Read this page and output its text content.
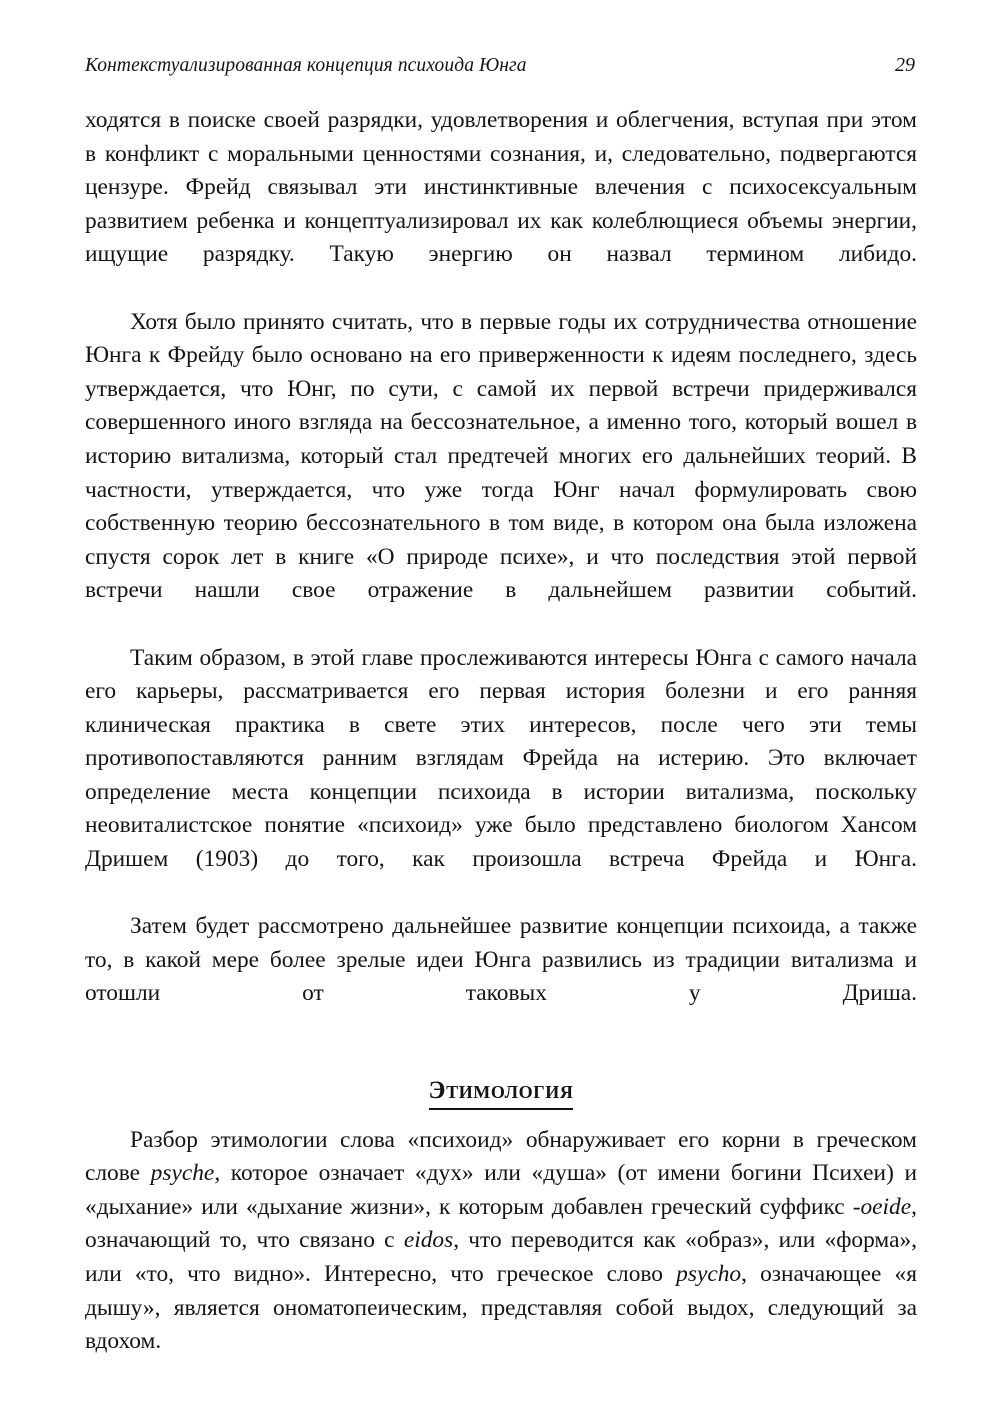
Контекстуализированная концепция психоида Юнга	29

ходятся в поиске своей разрядки, удовлетворения и облегчения, вступая при этом в конфликт с моральными ценностями сознания, и, следовательно, подвергаются цензуре. Фрейд связывал эти инстинктивные влечения с психосексуальным развитием ребенка и концептуализировал их как колеблющиеся объемы энергии, ищущие разрядку. Такую энергию он назвал термином либидо.

Хотя было принято считать, что в первые годы их сотрудничества отношение Юнга к Фрейду было основано на его приверженности к идеям последнего, здесь утверждается, что Юнг, по сути, с самой их первой встречи придерживался совершенного иного взгляда на бессознательное, а именно того, который вошел в историю витализма, который стал предтечей многих его дальнейших теорий. В частности, утверждается, что уже тогда Юнг начал формулировать свою собственную теорию бессознательного в том виде, в котором она была изложена спустя сорок лет в книге «О природе психе», и что последствия этой первой встречи нашли свое отражение в дальнейшем развитии событий.

Таким образом, в этой главе прослеживаются интересы Юнга с самого начала его карьеры, рассматривается его первая история болезни и его ранняя клиническая практика в свете этих интересов, после чего эти темы противопоставляются ранним взглядам Фрейда на истерию. Это включает определение места концепции психоида в истории витализма, поскольку неовиталистское понятие «психоид» уже было представлено биологом Хансом Дришем (1903) до того, как произошла встреча Фрейда и Юнга.

Затем будет рассмотрено дальнейшее развитие концепции психоида, а также то, в какой мере более зрелые идеи Юнга развились из традиции витализма и отошли от таковых у Дриша.

Этимология

Разбор этимологии слова «психоид» обнаруживает его корни в греческом слове psyche, которое означает «дух» или «душа» (от имени богини Психеи) и «дыхание» или «дыхание жизни», к которым добавлен греческий суффикс -oeide, означающий то, что связано с eidos, что переводится как «образ», или «форма», или «то, что видно». Интересно, что греческое слово psycho, означающее «я дышу», является ономатопеическим, представляя собой выдох, следующий за вдохом.
